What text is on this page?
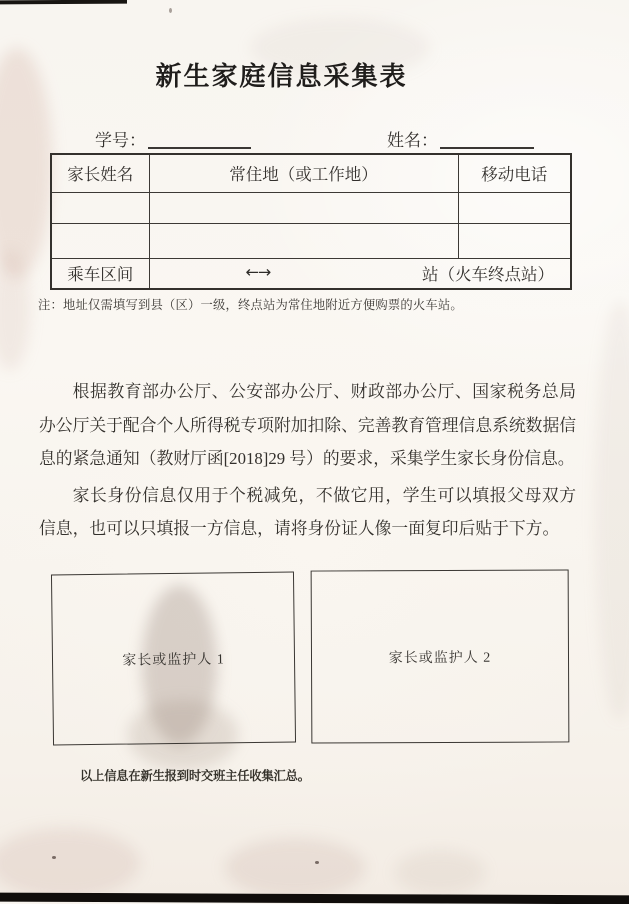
新生家庭信息采集表
学号：	姓名：
家长姓名	常住地（或工作地）	移动电话

乘车区间	←→ 站（火车终点站）	
注：地址仅需填写到县（区）一级，终点站为常住地附近方便购票的火车站。

根据教育部办公厅、公安部办公厅、财政部办公厅、国家税务总局办公厅关于配合个人所得税专项附加扣除、完善教育管理信息系统数据信息的紧急通知（教财厅函[2018]29 号）的要求，采集学生家长身份信息。

家长身份信息仅用于个税减免，不做它用，学生可以填报父母双方信息，也可以只填报一方信息，请将身份证人像一面复印后贴于下方。

家长或监护人 1	家长或监护人 2
以上信息在新生报到时交班主任收集汇总。
